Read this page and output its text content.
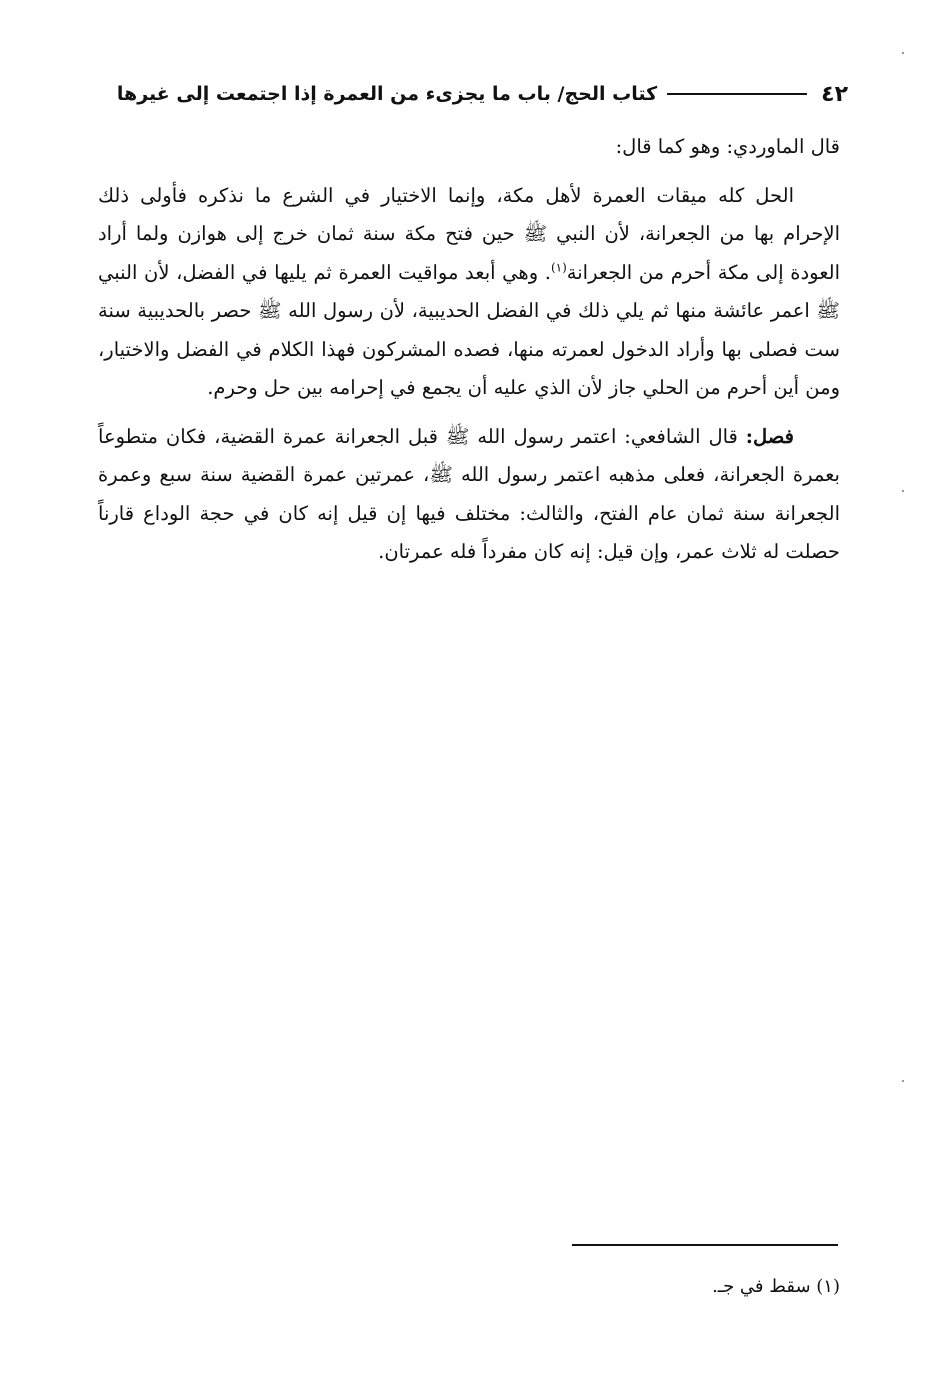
٤٢
كتاب الحج/ باب ما يجزىء من العمرة إذا اجتمعت إلى غيرها

قال الماوردي: وهو كما قال:

الحل كله ميقات العمرة لأهل مكة، وإنما الاختيار في الشرع ما نذكره فأولى ذلك الإحرام بها من الجعرانة، لأن النبي ﷺ حين فتح مكة سنة ثمان خرج إلى هوازن ولما أراد العودة إلى مكة أحرم من الجعرانة$^{(١)}$. وهي أبعد مواقيت العمرة ثم يليها في الفضل، لأن النبي ﷺ اعمر عائشة منها ثم يلي ذلك في الفضل الحديبية، لأن رسول الله ﷺ حصر بالحديبية سنة ست فصلى بها وأراد الدخول لعمرته منها، فصده المشركون فهذا الكلام في الفضل والاختيار، ومن أين أحرم من الحلي جاز لأن الذي عليه أن يجمع في إحرامه بين حل وحرم.

فصل: قال الشافعي: اعتمر رسول الله ﷺ قبل الجعرانة عمرة القضية، فكان متطوعاً بعمرة الجعرانة، فعلى مذهبه اعتمر رسول الله ﷺ، عمرتين عمرة القضية سنة سبع وعمرة الجعرانة سنة ثمان عام الفتح، والثالث: مختلف فيها إن قيل إنه كان في حجة الوداع قارناً حصلت له ثلاث عمر، وإن قيل: إنه كان مفرداً فله عمرتان.

(١) سقط في جـ.
